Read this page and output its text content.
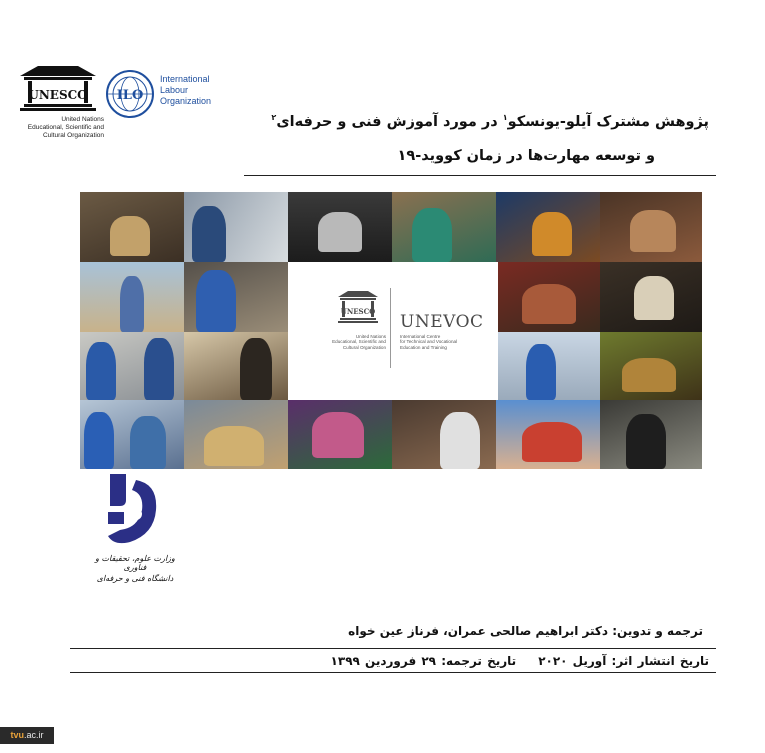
UNESCO
United Nations
Educational, Scientific and
Cultural Organization
ILO
International
Labour
Organization
پژوهش مشترک آیلو-یونسکو$^۱$ در مورد آموزش فنی و حرفه‌ای$^۲$
و توسعه مهارت‌ها در زمان کووید-۱۹
UNESCO
United Nations
Educational, Scientific and
Cultural Organization
UNEVOC
International Centre
for Technical and Vocational
Education and Training
وزارت علوم، تحقیقات و فناوری
دانشگاه فنی و حرفه‌ای
ترجمه و تدوین: دکتر ابراهیم صالحی عمران، فرناز عین خواه
تاریخ انتشار اثر: آوریل ۲۰۲۰تاریخ ترجمه: ۲۹ فروردین ۱۳۹۹
tvu.ac.ir
